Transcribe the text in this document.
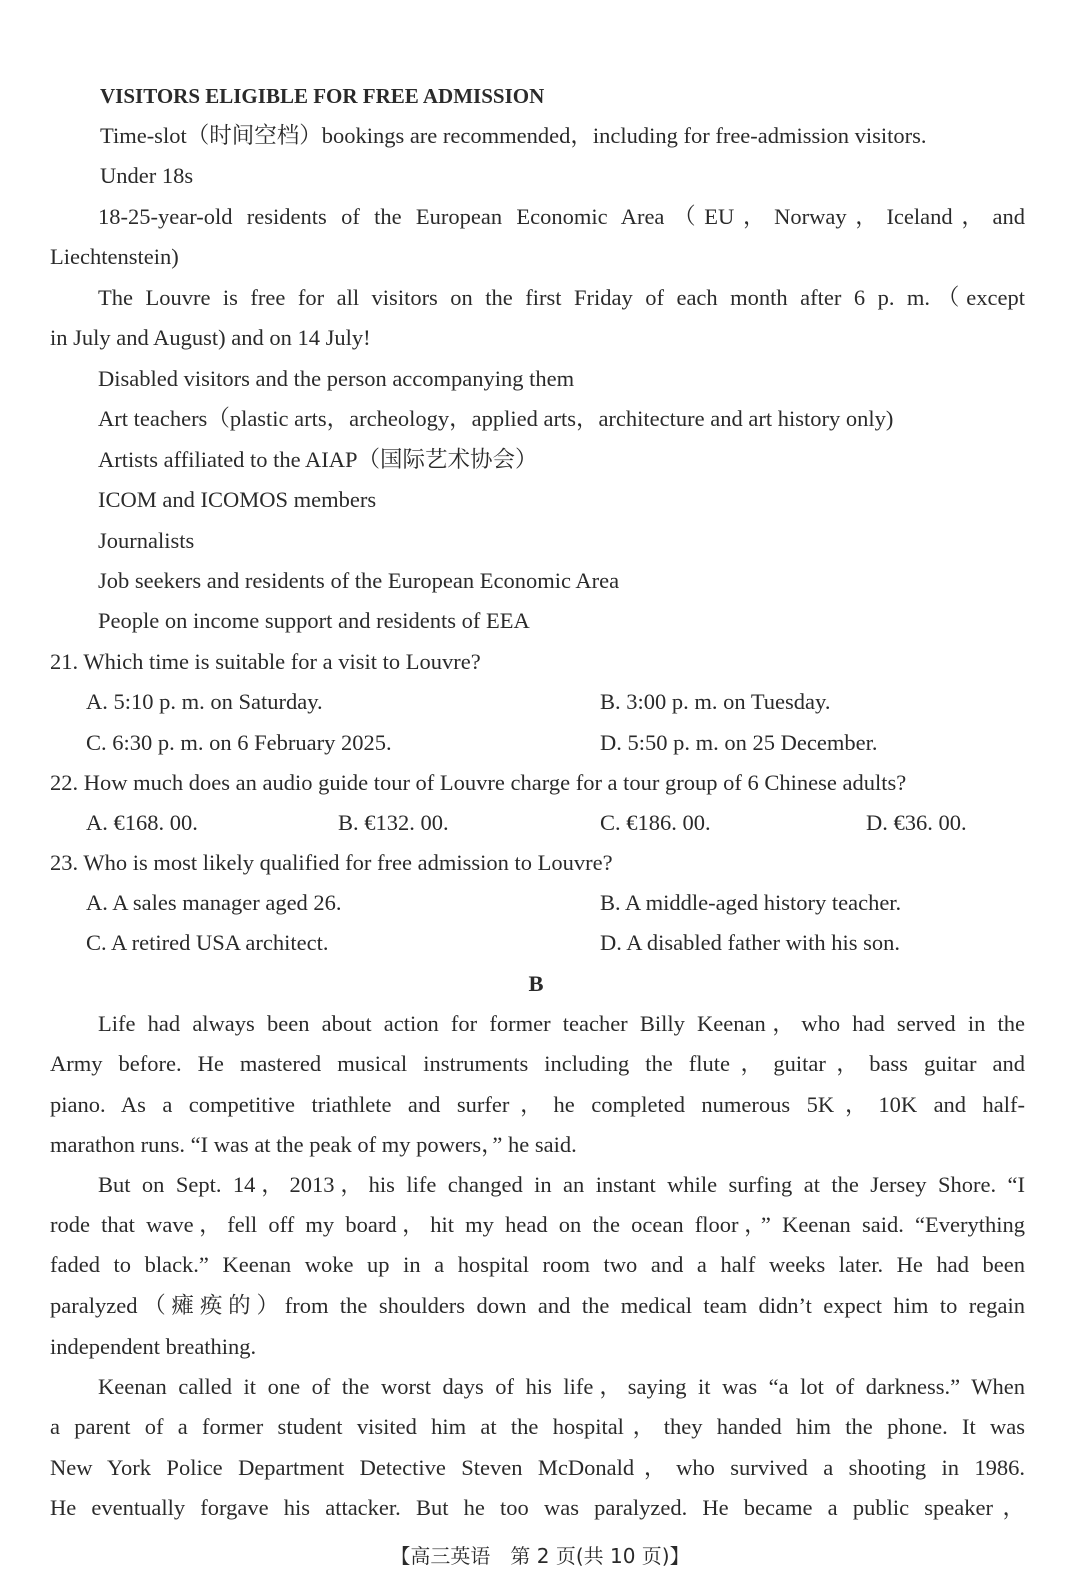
VISITORS ELIGIBLE FOR FREE ADMISSION
Time-slot（时间空档）bookings are recommended，including for free-admission visitors.
Under 18s
18-25-year-old residents of the European Economic Area（EU，Norway，Iceland，and
Liechtenstein)
The Louvre is free for all visitors on the first Friday of each month after 6 p. m.（except
in July and August) and on 14 July!
Disabled visitors and the person accompanying them
Art teachers（plastic arts，archeology，applied arts，architecture and art history only)
Artists affiliated to the AIAP（国际艺术协会）
ICOM and ICOMOS members
Journalists
Job seekers and residents of the European Economic Area
People on income support and residents of EEA
21. Which time is suitable for a visit to Louvre?
A. 5:10 p. m. on Saturday.	B. 3:00 p. m. on Tuesday.
C. 6:30 p. m. on 6 February 2025.	D. 5:50 p. m. on 25 December.
22. How much does an audio guide tour of Louvre charge for a tour group of 6 Chinese adults?
A. €168. 00.	B. €132. 00.	C. €186. 00.	D. €36. 00.
23. Who is most likely qualified for free admission to Louvre?
A. A sales manager aged 26.	B. A middle-aged history teacher.
C. A retired USA architect.	D. A disabled father with his son.
B
Life had always been about action for former teacher Billy Keenan，who had served in the
Army before. He mastered musical instruments including the flute，guitar，bass guitar and
piano. As a competitive triathlete and surfer，he completed numerous 5K，10K and half-
marathon runs. “I was at the peak of my powers，” he said.
But on Sept. 14，2013，his life changed in an instant while surfing at the Jersey Shore. “I
rode that wave，fell off my board，hit my head on the ocean floor，” Keenan said. “Everything
faded to black.” Keenan woke up in a hospital room two and a half weeks later. He had been
paralyzed（瘫痪的）from the shoulders down and the medical team didn’t expect him to regain
independent breathing.
Keenan called it one of the worst days of his life，saying it was “a lot of darkness.” When
a parent of a former student visited him at the hospital，they handed him the phone. It was
New York Police Department Detective Steven McDonald，who survived a shooting in 1986.
He eventually forgave his attacker. But he too was paralyzed. He became a public speaker，
【高三英语　第 2 页(共 10 页)】
